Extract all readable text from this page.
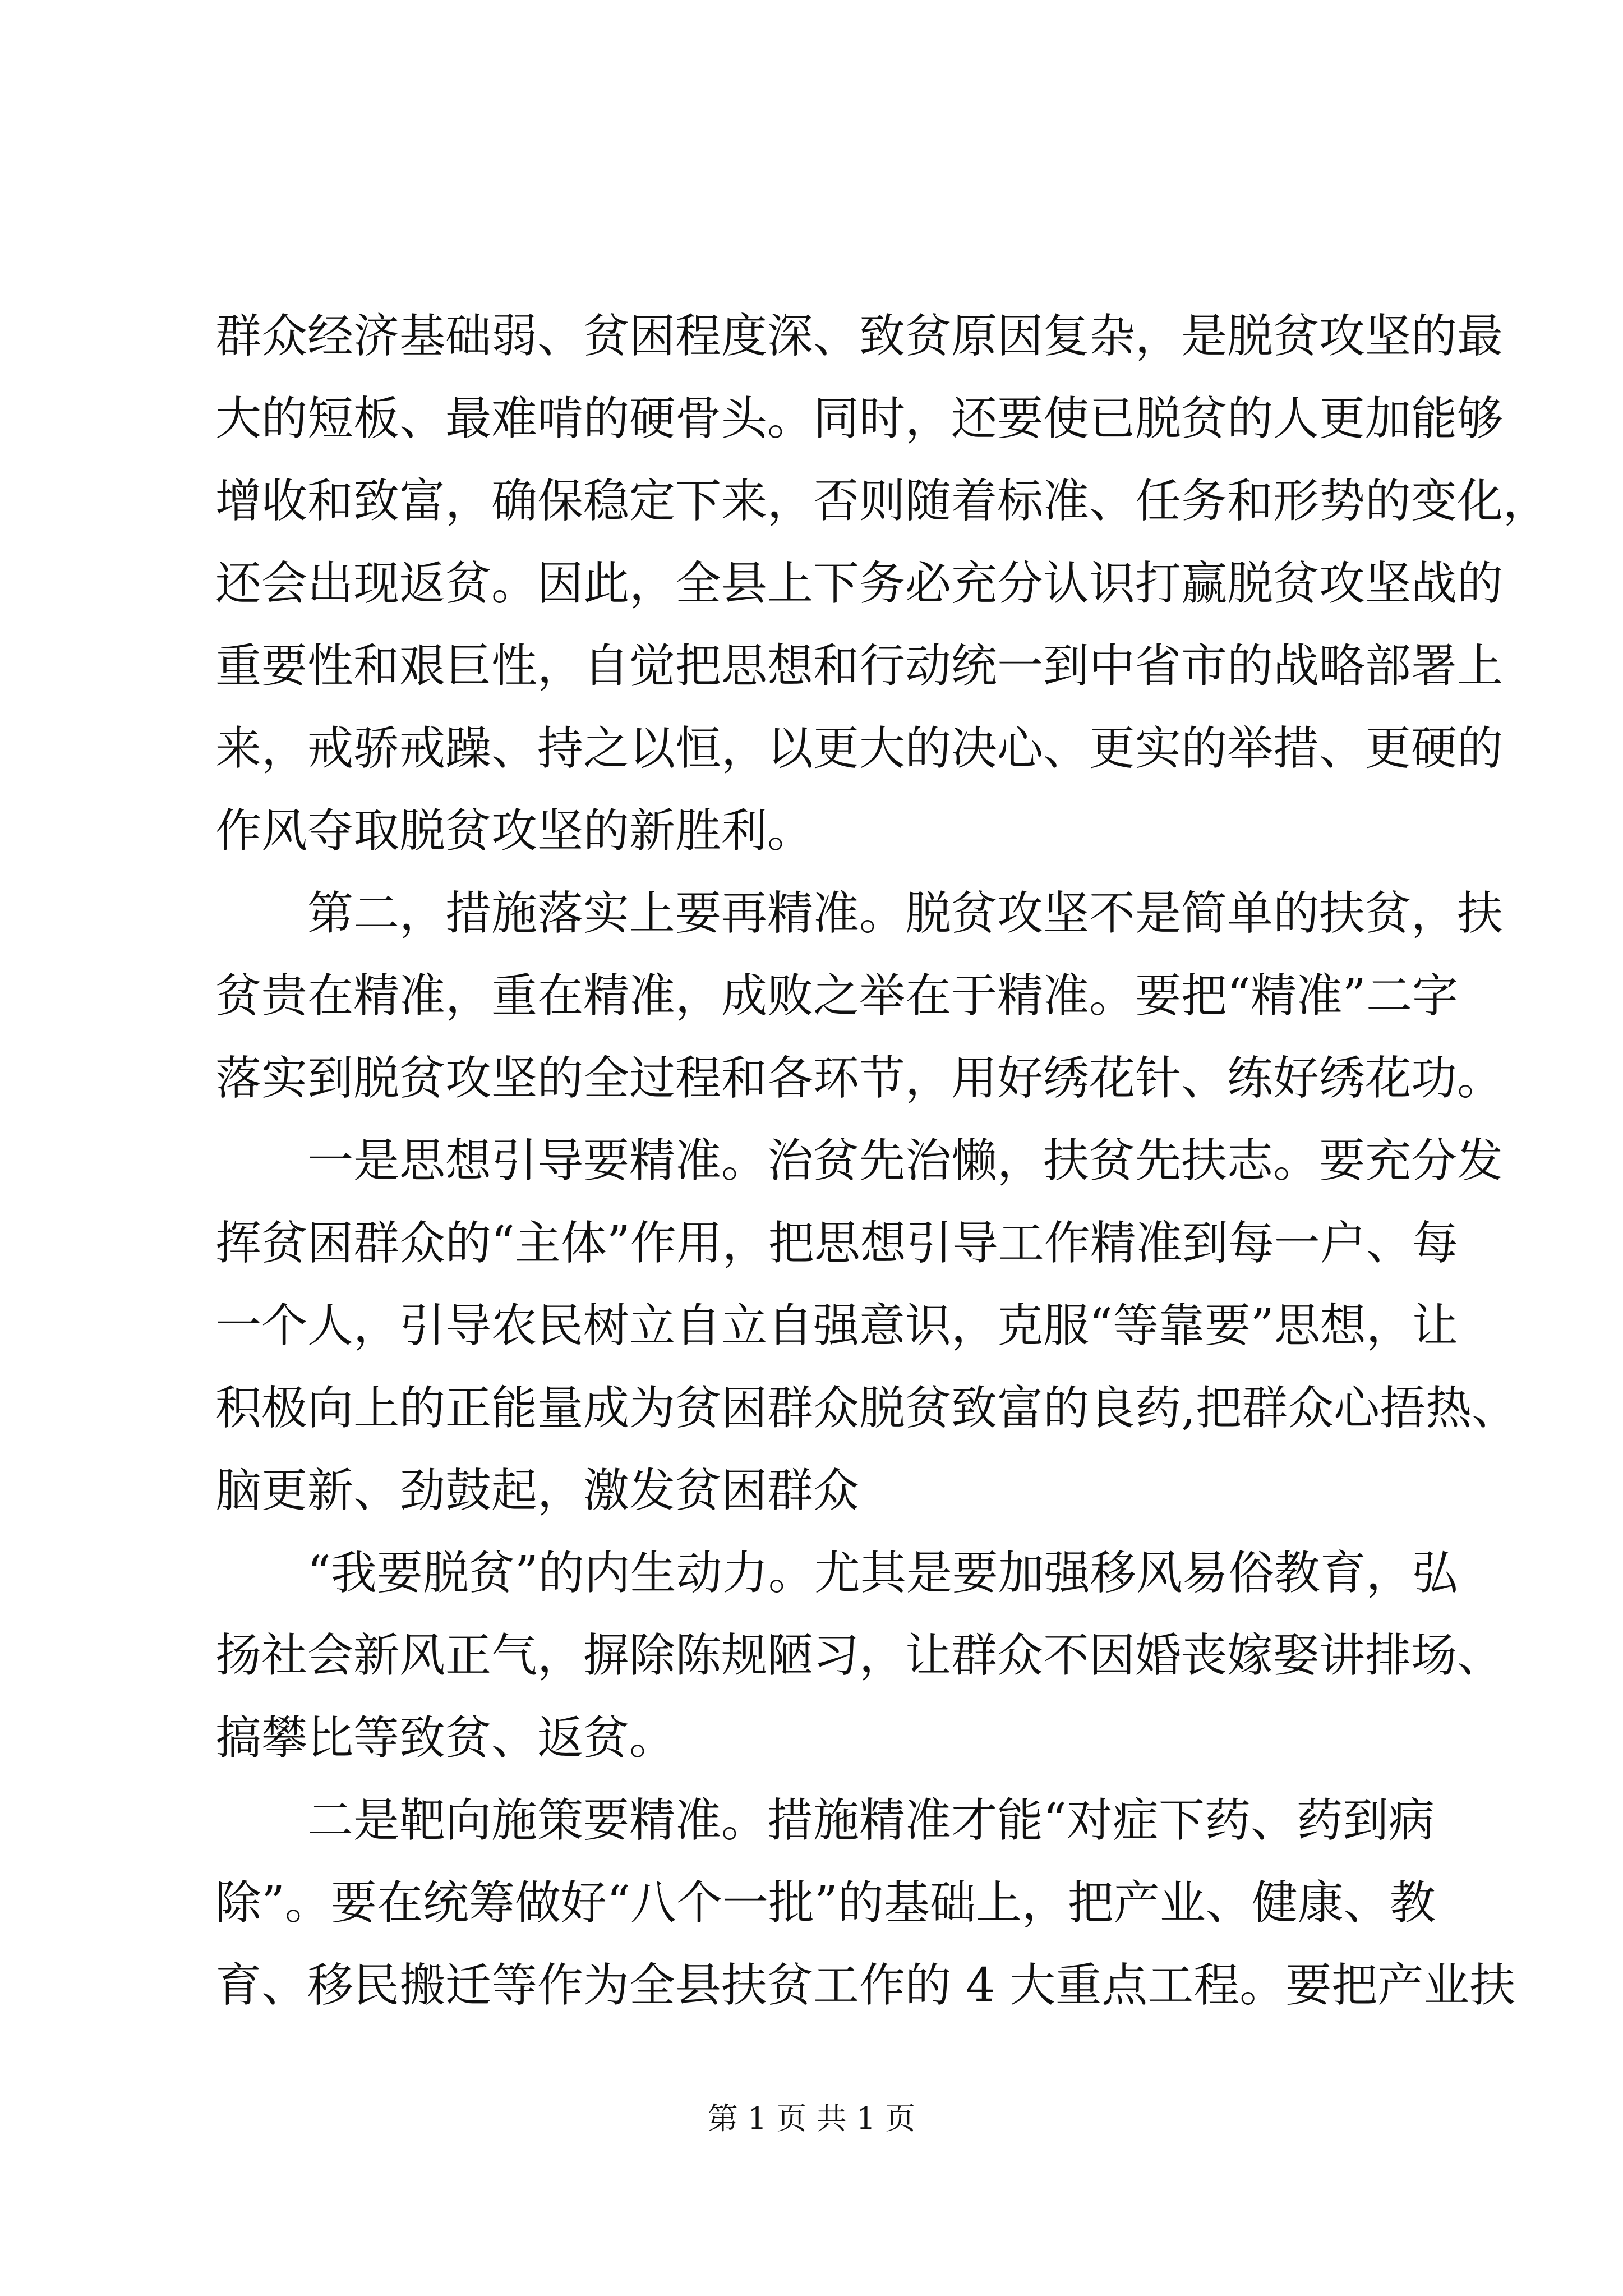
群众经济基础弱、贫困程度深、致贫原因复杂，是脱贫攻坚的最
大的短板、最难啃的硬骨头。同时，还要使已脱贫的人更加能够
增收和致富，确保稳定下来，否则随着标准、任务和形势的变化，
还会出现返贫。因此，全县上下务必充分认识打赢脱贫攻坚战的
重要性和艰巨性，自觉把思想和行动统一到中省市的战略部署上
来，戒骄戒躁、持之以恒，以更大的决心、更实的举措、更硬的
作风夺取脱贫攻坚的新胜利。
第二，措施落实上要再精准。脱贫攻坚不是简单的扶贫，扶
贫贵在精准，重在精准，成败之举在于精准。要把“精准”二字
落实到脱贫攻坚的全过程和各环节，用好绣花针、练好绣花功。
一是思想引导要精准。治贫先治懒，扶贫先扶志。要充分发
挥贫困群众的“主体”作用，把思想引导工作精准到每一户、每
一个人，引导农民树立自立自强意识，克服“等靠要”思想，让
积极向上的正能量成为贫困群众脱贫致富的良药,把群众心捂热、
脑更新、劲鼓起，激发贫困群众
“我要脱贫”的内生动力。尤其是要加强移风易俗教育，弘
扬社会新风正气，摒除陈规陋习，让群众不因婚丧嫁娶讲排场、
搞攀比等致贫、返贫。
二是靶向施策要精准。措施精准才能“对症下药、药到病
除”。要在统筹做好“八个一批”的基础上，把产业、健康、教
育、移民搬迁等作为全县扶贫工作的 4 大重点工程。要把产业扶
第 1 页 共 1 页
